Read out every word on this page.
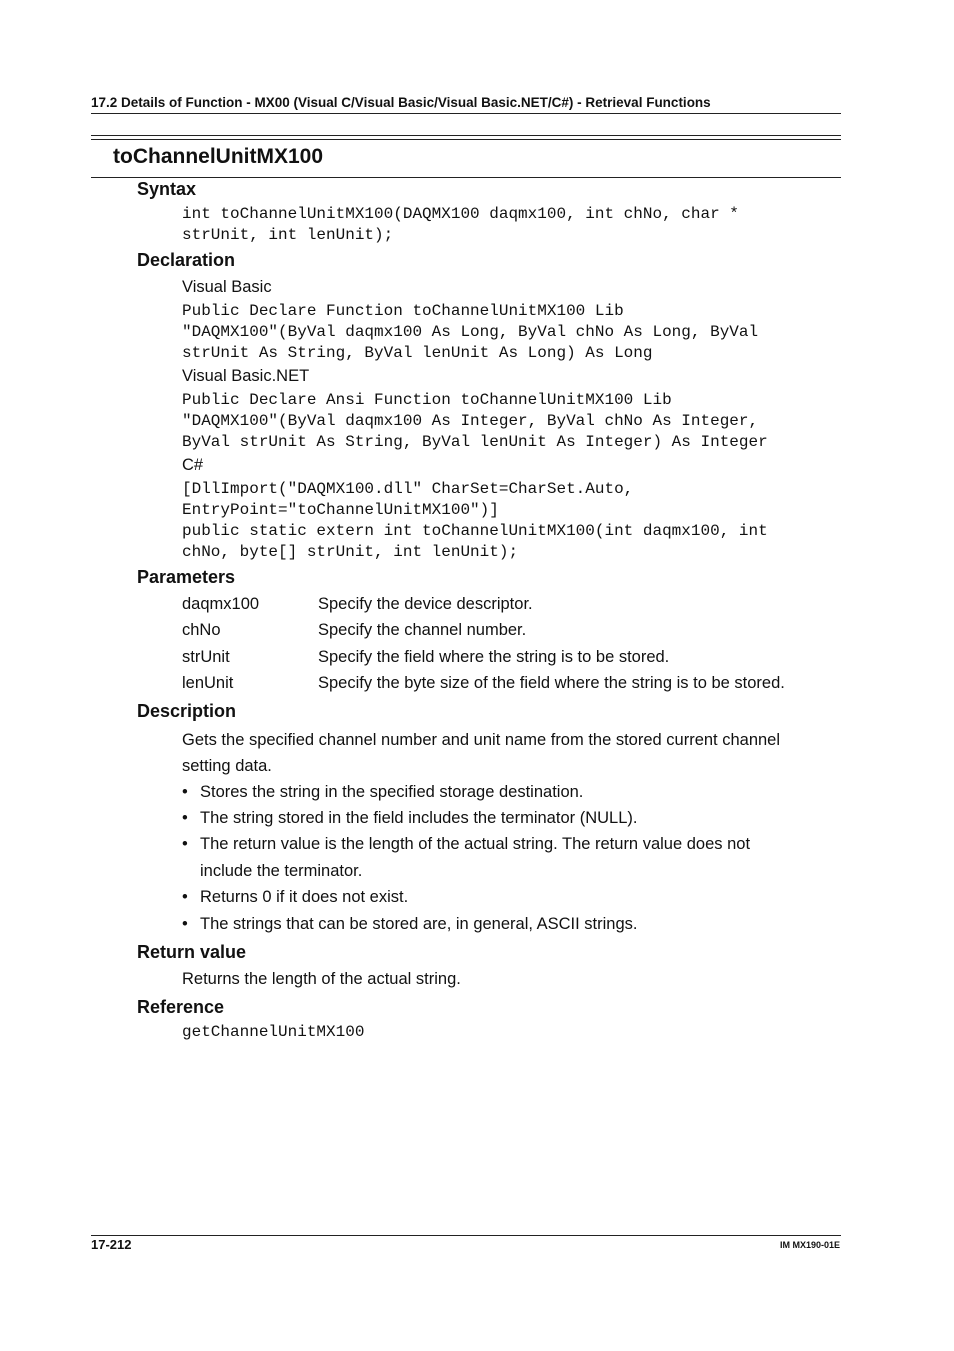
17.2 Details of Function - MX00 (Visual C/Visual Basic/Visual Basic.NET/C#) - Retrieval Functions
toChannelUnitMX100
Syntax
int toChannelUnitMX100(DAQMX100 daqmx100, int chNo, char *
strUnit, int lenUnit);
Declaration
Visual Basic
Public Declare Function toChannelUnitMX100 Lib
"DAQMX100"(ByVal daqmx100 As Long, ByVal chNo As Long, ByVal
strUnit As String, ByVal lenUnit As Long) As Long
Visual Basic.NET
Public Declare Ansi Function toChannelUnitMX100 Lib
"DAQMX100"(ByVal daqmx100 As Integer, ByVal chNo As Integer,
ByVal strUnit As String, ByVal lenUnit As Integer) As Integer
C#
[DllImport("DAQMX100.dll" CharSet=CharSet.Auto,
EntryPoint="toChannelUnitMX100")]
public static extern int toChannelUnitMX100(int daqmx100, int
chNo, byte[] strUnit, int lenUnit);
Parameters
daqmx100	Specify the device descriptor.
chNo	Specify the channel number.
strUnit	Specify the field where the string is to be stored.
lenUnit	Specify the byte size of the field where the string is to be stored.
Description
Gets the specified channel number and unit name from the stored current channel
setting data.
• Stores the string in the specified storage destination.
• The string stored in the field includes the terminator (NULL).
• The return value is the length of the actual string. The return value does not
include the terminator.
• Returns 0 if it does not exist.
• The strings that can be stored are, in general, ASCII strings.
Return value
Returns the length of the actual string.
Reference
getChannelUnitMX100
17-212	IM MX190-01E
